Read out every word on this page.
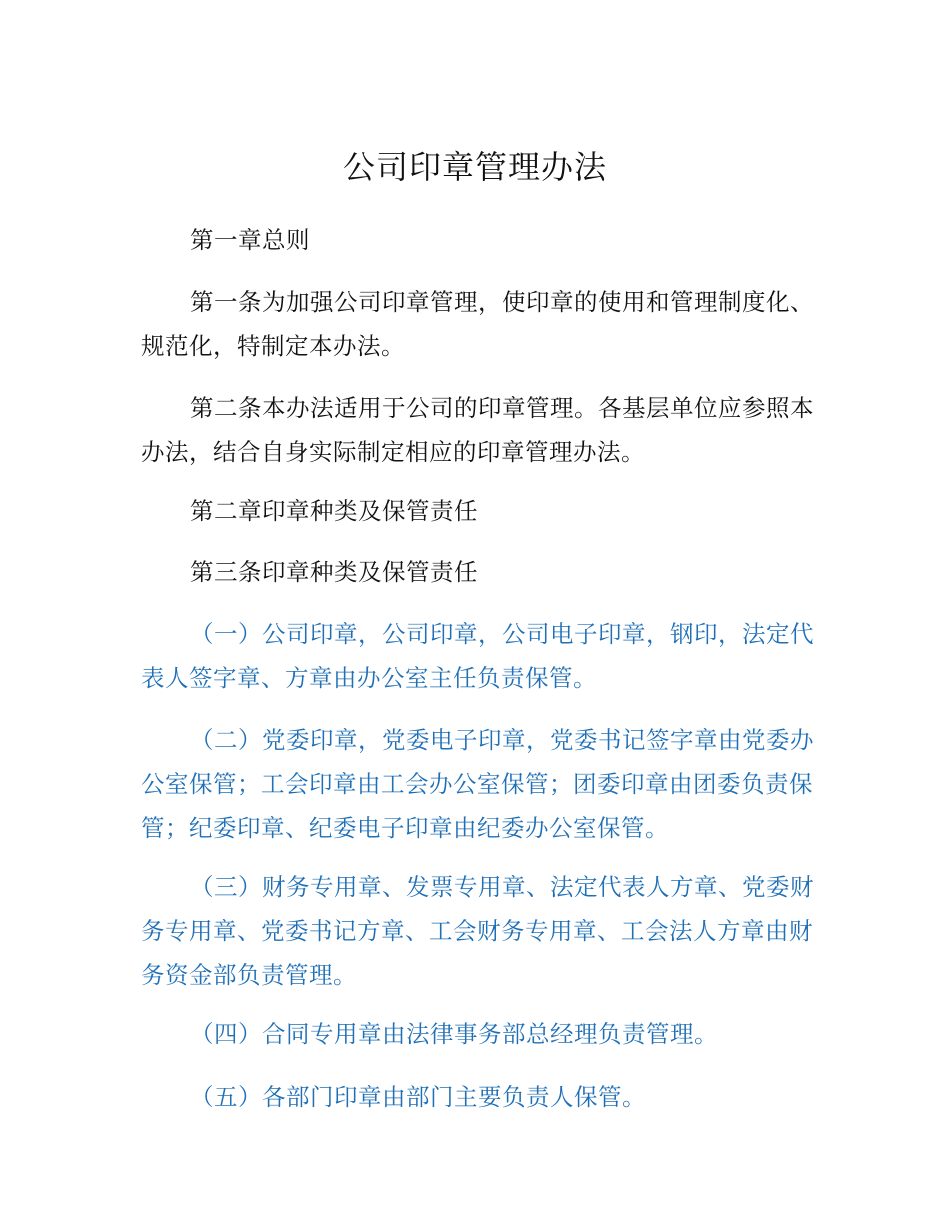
公司印章管理办法

第一章总则

第一条为加强公司印章管理，使印章的使用和管理制度化、规范化，特制定本办法。

第二条本办法适用于公司的印章管理。各基层单位应参照本办法，结合自身实际制定相应的印章管理办法。

第二章印章种类及保管责任

第三条印章种类及保管责任

（一）公司印章，公司印章，公司电子印章，钢印，法定代表人签字章、方章由办公室主任负责保管。

（二）党委印章，党委电子印章，党委书记签字章由党委办公室保管；工会印章由工会办公室保管；团委印章由团委负责保管；纪委印章、纪委电子印章由纪委办公室保管。

（三）财务专用章、发票专用章、法定代表人方章、党委财务专用章、党委书记方章、工会财务专用章、工会法人方章由财务资金部负责管理。

（四）合同专用章由法律事务部总经理负责管理。

（五）各部门印章由部门主要负责人保管。
